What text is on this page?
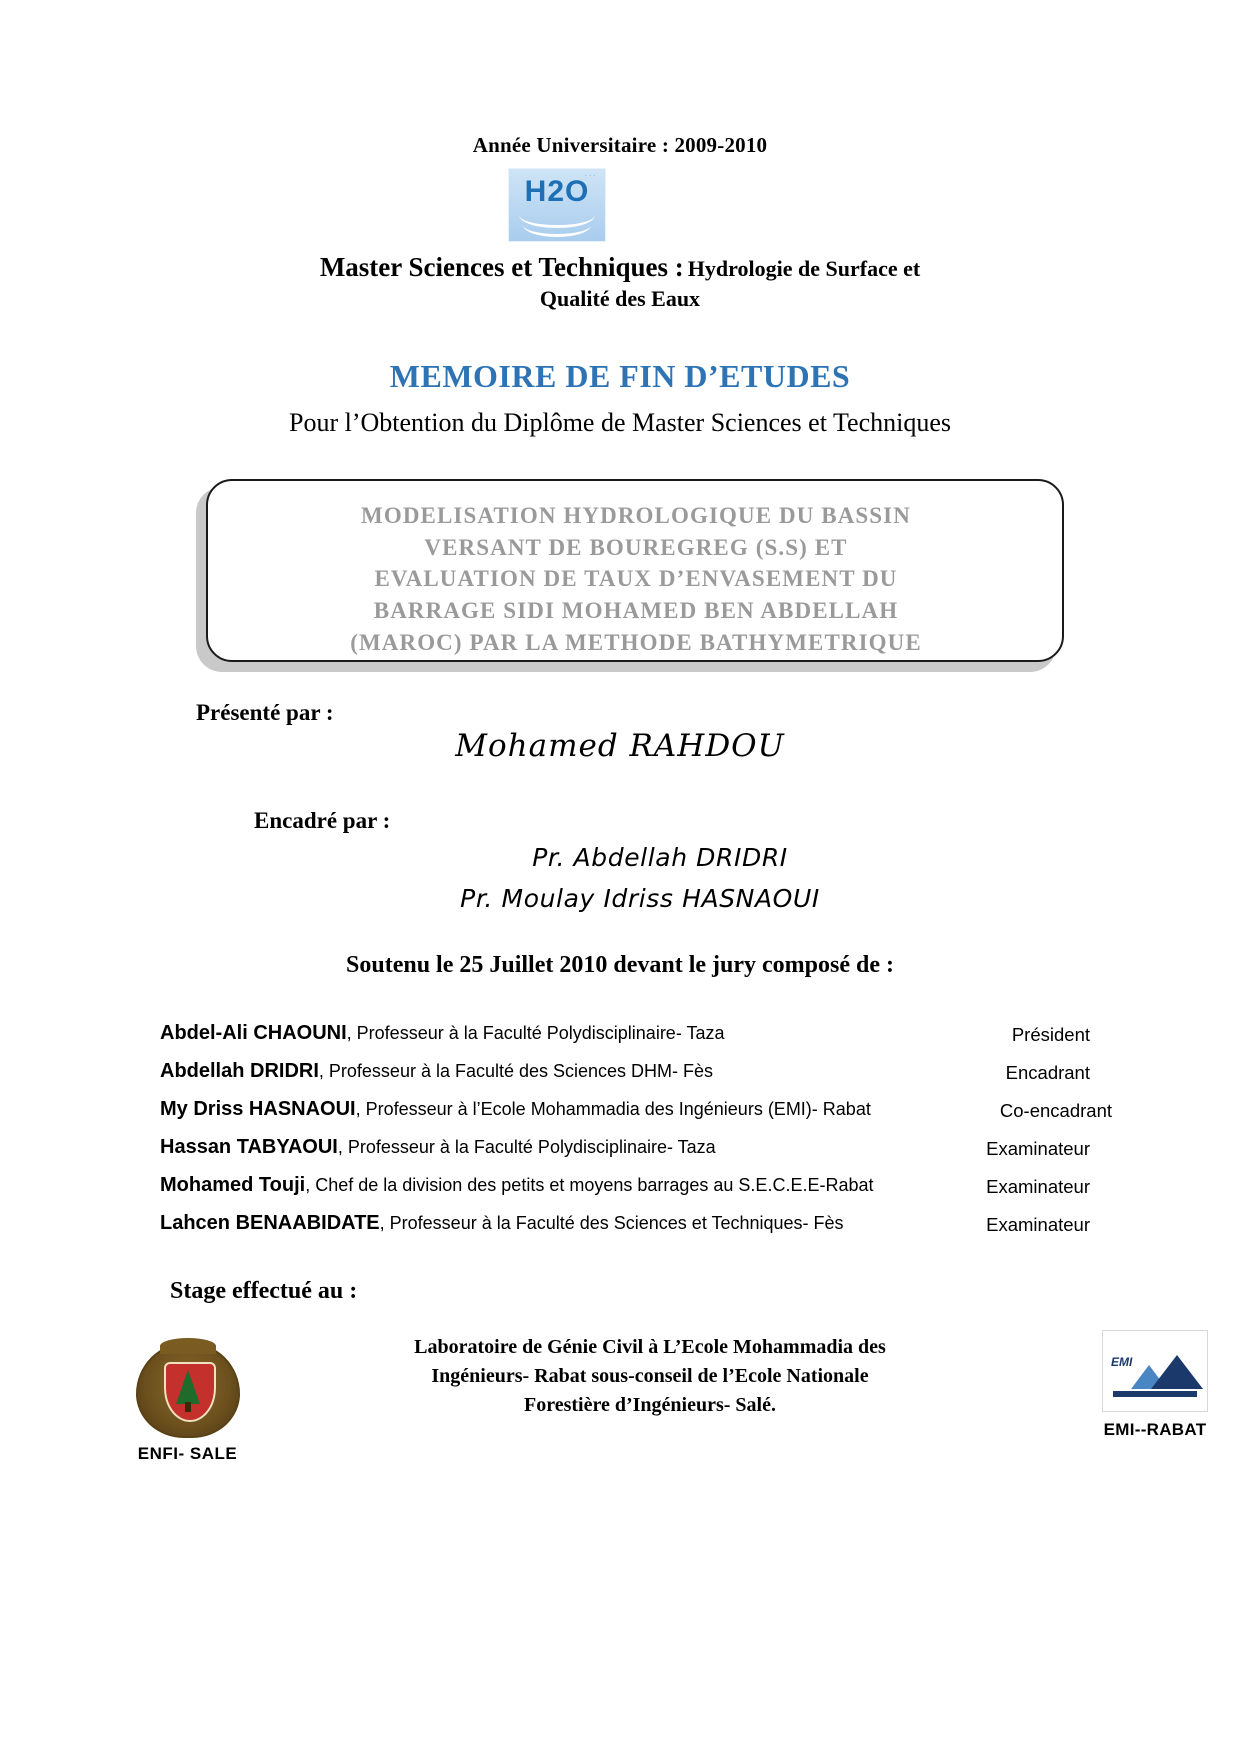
Année Universitaire : 2009-2010
···
H2O
Master Sciences et Techniques : Hydrologie de Surface et
Qualité des Eaux
MEMOIRE DE FIN D’ETUDES
Pour l’Obtention du Diplôme de Master Sciences et Techniques
MODELISATION HYDROLOGIQUE DU BASSIN
VERSANT DE BOUREGREG (S.S) ET
EVALUATION DE TAUX D’ENVASEMENT DU
BARRAGE SIDI MOHAMED BEN ABDELLAH
(MAROC) PAR LA METHODE BATHYMETRIQUE
Présenté par :
Mohamed RAHDOU
Encadré par :
Pr. Abdellah DRIDRI
Pr. Moulay Idriss HASNAOUI
Soutenu le 25 Juillet 2010 devant le jury composé de :
Abdel-Ali CHAOUNI, Professeur à la Faculté Polydisciplinaire- Taza	Président
Abdellah DRIDRI, Professeur à la Faculté des Sciences DHM- Fès	Encadrant
My Driss HASNAOUI, Professeur à l’Ecole Mohammadia des Ingénieurs (EMI)- Rabat	Co-encadrant
Hassan TABYAOUI, Professeur à la Faculté Polydisciplinaire- Taza	Examinateur
Mohamed Touji, Chef de la division des petits et moyens barrages au S.E.C.E.E-Rabat	Examinateur
Lahcen BENAABIDATE, Professeur à la Faculté des Sciences et Techniques- Fès	Examinateur
Stage effectué au :
Laboratoire de Génie Civil à L’Ecole Mohammadia des
Ingénieurs- Rabat sous-conseil de l’Ecole Nationale
Forestière d’Ingénieurs- Salé.
ENFI- SALE
EMI
EMI--RABAT
